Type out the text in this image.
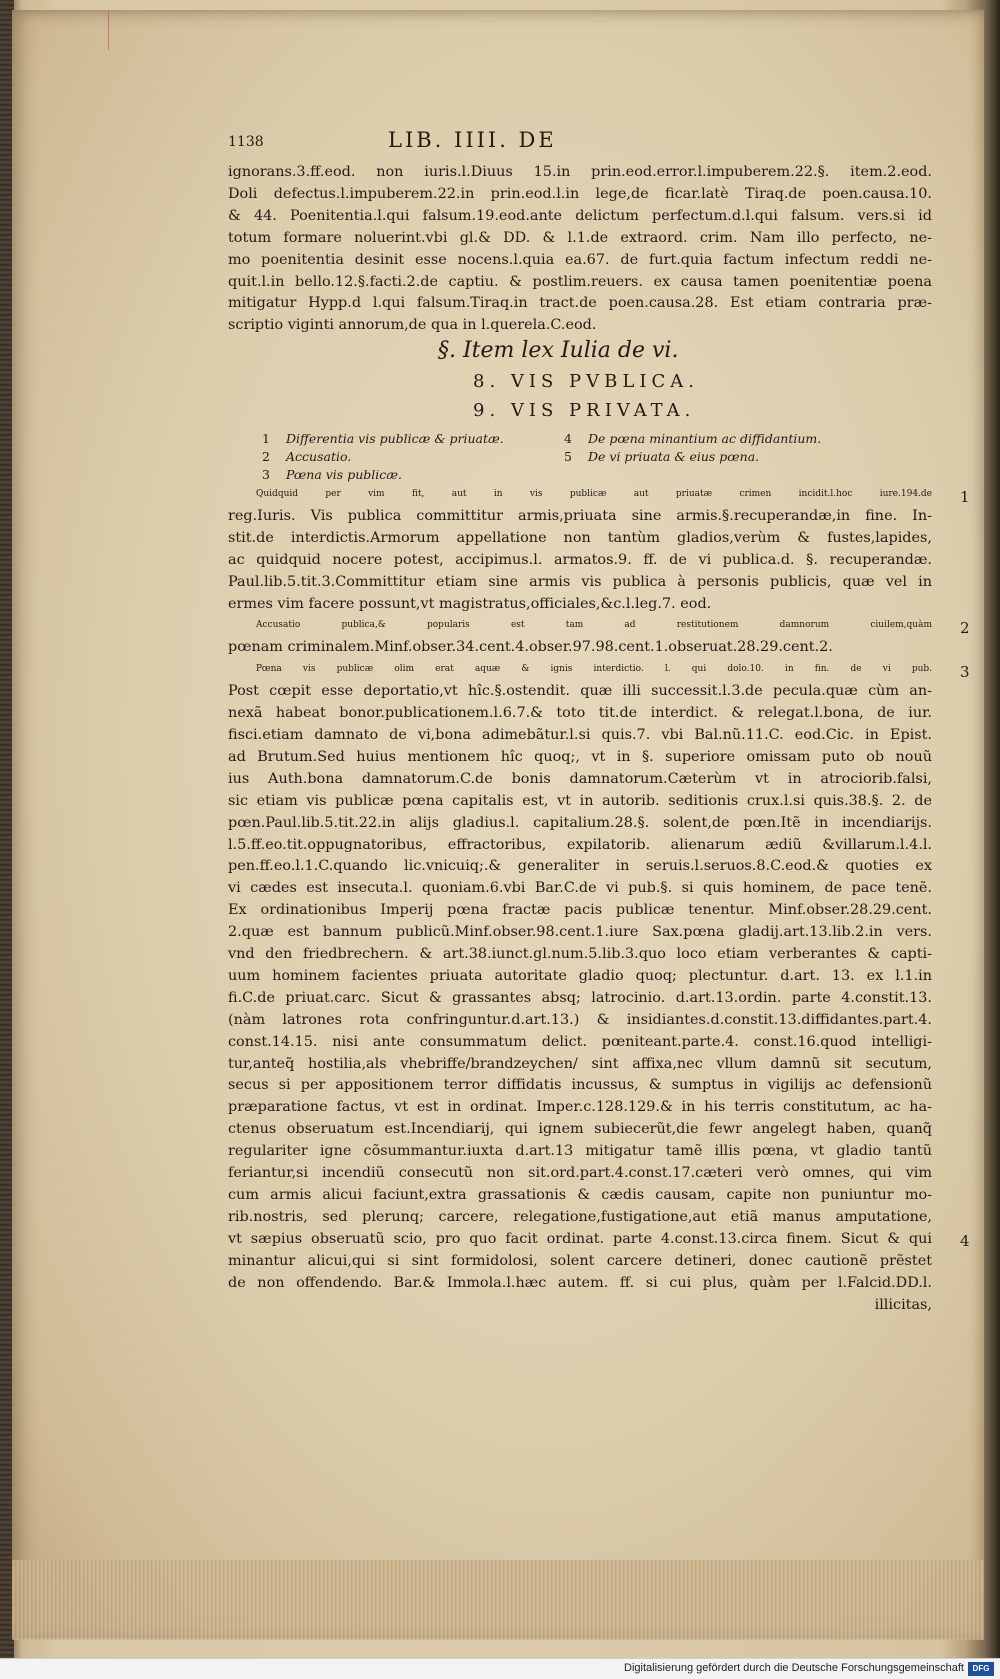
1138	LIB. IIII. DE
ignorans.3.ff.eod. non iuris.l.Diuus 15.in prin.eod.error.l.impuberem.22.§. item.2.eod.
Doli defectus.l.impuberem.22.in prin.eod.l.in lege,de ficar.latè Tiraq.de poen.causa.10.
& 44. Poenitentia.l.qui falsum.19.eod.ante delictum perfectum.d.l.qui falsum. vers.si id
totum formare noluerint.vbi gl.& DD. & l.1.de extraord. crim. Nam illo perfecto, ne-
mo poenitentia desinit esse nocens.l.quia ea.67. de furt.quia factum infectum reddi ne-
quit.l.in bello.12.§.facti.2.de captiu. & postlim.reuers. ex causa tamen poenitentiæ poena
mitigatur Hypp.d l.qui falsum.Tiraq.in tract.de poen.causa.28. Est etiam contraria præ-
scriptio viginti annorum,de qua in l.querela.C.eod.
§. Item lex Iulia de vi.
8. VIS PVBLICA.
9. VIS PRIVATA.
1 Differentia vis publicæ & priuatæ.
2 Accusatio.
3 Pœna vis publicæ.
4 De pœna minantium ac diffidantium.
5 De vi priuata & eius pœna.
Quidquid per vim fit, aut in vis publicæ aut priuatæ crimen incidit.l.hoc iure.194.de
reg.Iuris. Vis publica committitur armis,priuata sine armis.§.recuperandæ,in fine. In-
stit.de interdictis.Armorum appellatione non tantùm gladios,verùm & fustes,lapides,
ac quidquid nocere potest, accipimus.l. armatos.9. ff. de vi publica.d. §. recuperandæ.
Paul.lib.5.tit.3.Committitur etiam sine armis vis publica à personis publicis, quæ vel in
ermes vim facere possunt,vt magistratus,officiales,&c.l.leg.7. eod.
Accusatio publica,& popularis est tam ad restitutionem damnorum ciuilem,quàm
pœnam criminalem.Minf.obser.34.cent.4.obser.97.98.cent.1.obseruat.28.29.cent.2.
Pœna vis publicæ olim erat aquæ & ignis interdictio. l. qui dolo.10. in fin. de vi pub.
Post cœpit esse deportatio,vt hîc.§.ostendit. quæ illi successit.l.3.de pecula.quæ cùm an-
nexã habeat bonor.publicationem.l.6.7.& toto tit.de interdict. & relegat.l.bona, de iur.
fisci.etiam damnato de vi,bona adimebãtur.l.si quis.7. vbi Bal.nũ.11.C. eod.Cic. in Epist.
ad Brutum.Sed huius mentionem hîc quoq;, vt in §. superiore omissam puto ob nouũ
ius Auth.bona damnatorum.C.de bonis damnatorum.Cæterùm vt in atrociorib.falsi,
sic etiam vis publicæ pœna capitalis est, vt in autorib. seditionis crux.l.si quis.38.§. 2. de
pœn.Paul.lib.5.tit.22.in alijs gladius.l. capitalium.28.§. solent,de pœn.Itẽ in incendiarijs.
l.5.ff.eo.tit.oppugnatoribus, effractoribus, expilatorib. alienarum ædiũ &villarum.l.4.l.
pen.ff.eo.l.1.C.quando lic.vnicuiq;.& generaliter in seruis.l.seruos.8.C.eod.& quoties ex
vi cædes est insecuta.l. quoniam.6.vbi Bar.C.de vi pub.§. si quis hominem, de pace tenẽ.
Ex ordinationibus Imperij pœna fractæ pacis publicæ tenentur. Minf.obser.28.29.cent.
2.quæ est bannum publicũ.Minf.obser.98.cent.1.iure Sax.pœna gladij.art.13.lib.2.in vers.
vnd den friedbrechern. & art.38.iunct.gl.num.5.lib.3.quo loco etiam verberantes & capti-
uum hominem facientes priuata autoritate gladio quoq; plectuntur. d.art. 13. ex l.1.in
fi.C.de priuat.carc. Sicut & grassantes absq; latrocinio. d.art.13.ordin. parte 4.constit.13.
(nàm latrones rota confringuntur.d.art.13.) & insidiantes.d.constit.13.diffidantes.part.4.
const.14.15. nisi ante consummatum delict. pœniteant.parte.4. const.16.quod intelligi-
tur,anteq̃ hostilia,als vhebriffe/brandzeychen/ sint affixa,nec vllum damnũ sit secutum,
secus si per appositionem terror diffidatis incussus, & sumptus in vigilijs ac defensionũ
præparatione factus, vt est in ordinat. Imper.c.128.129.& in his terris constitutum, ac ha-
ctenus obseruatum est.Incendiarij, qui ignem subiecerũt,die fewr angelegt haben, quanq̃
regulariter igne cõsummantur.iuxta d.art.13 mitigatur tamẽ illis pœna, vt gladio tantũ
feriantur,si incendiũ consecutũ non sit.ord.part.4.const.17.cæteri verò omnes, qui vim
cum armis alicui faciunt,extra grassationis & cædis causam, capite non puniuntur mo-
rib.nostris, sed plerunq; carcere, relegatione,fustigatione,aut etiã manus amputatione,
vt sæpius obseruatũ scio, pro quo facit ordinat. parte 4.const.13.circa finem. Sicut & qui
minantur alicui,qui si sint formidolosi, solent carcere detineri, donec cautionẽ prẽstet
de non offendendo. Bar.& Immola.l.hæc autem. ff. si cui plus, quàm per l.Falcid.DD.l.
illicitas,
1
2
3
4
Digitalisierung gefördert durch die Deutsche Forschungsgemeinschaft	DFG
